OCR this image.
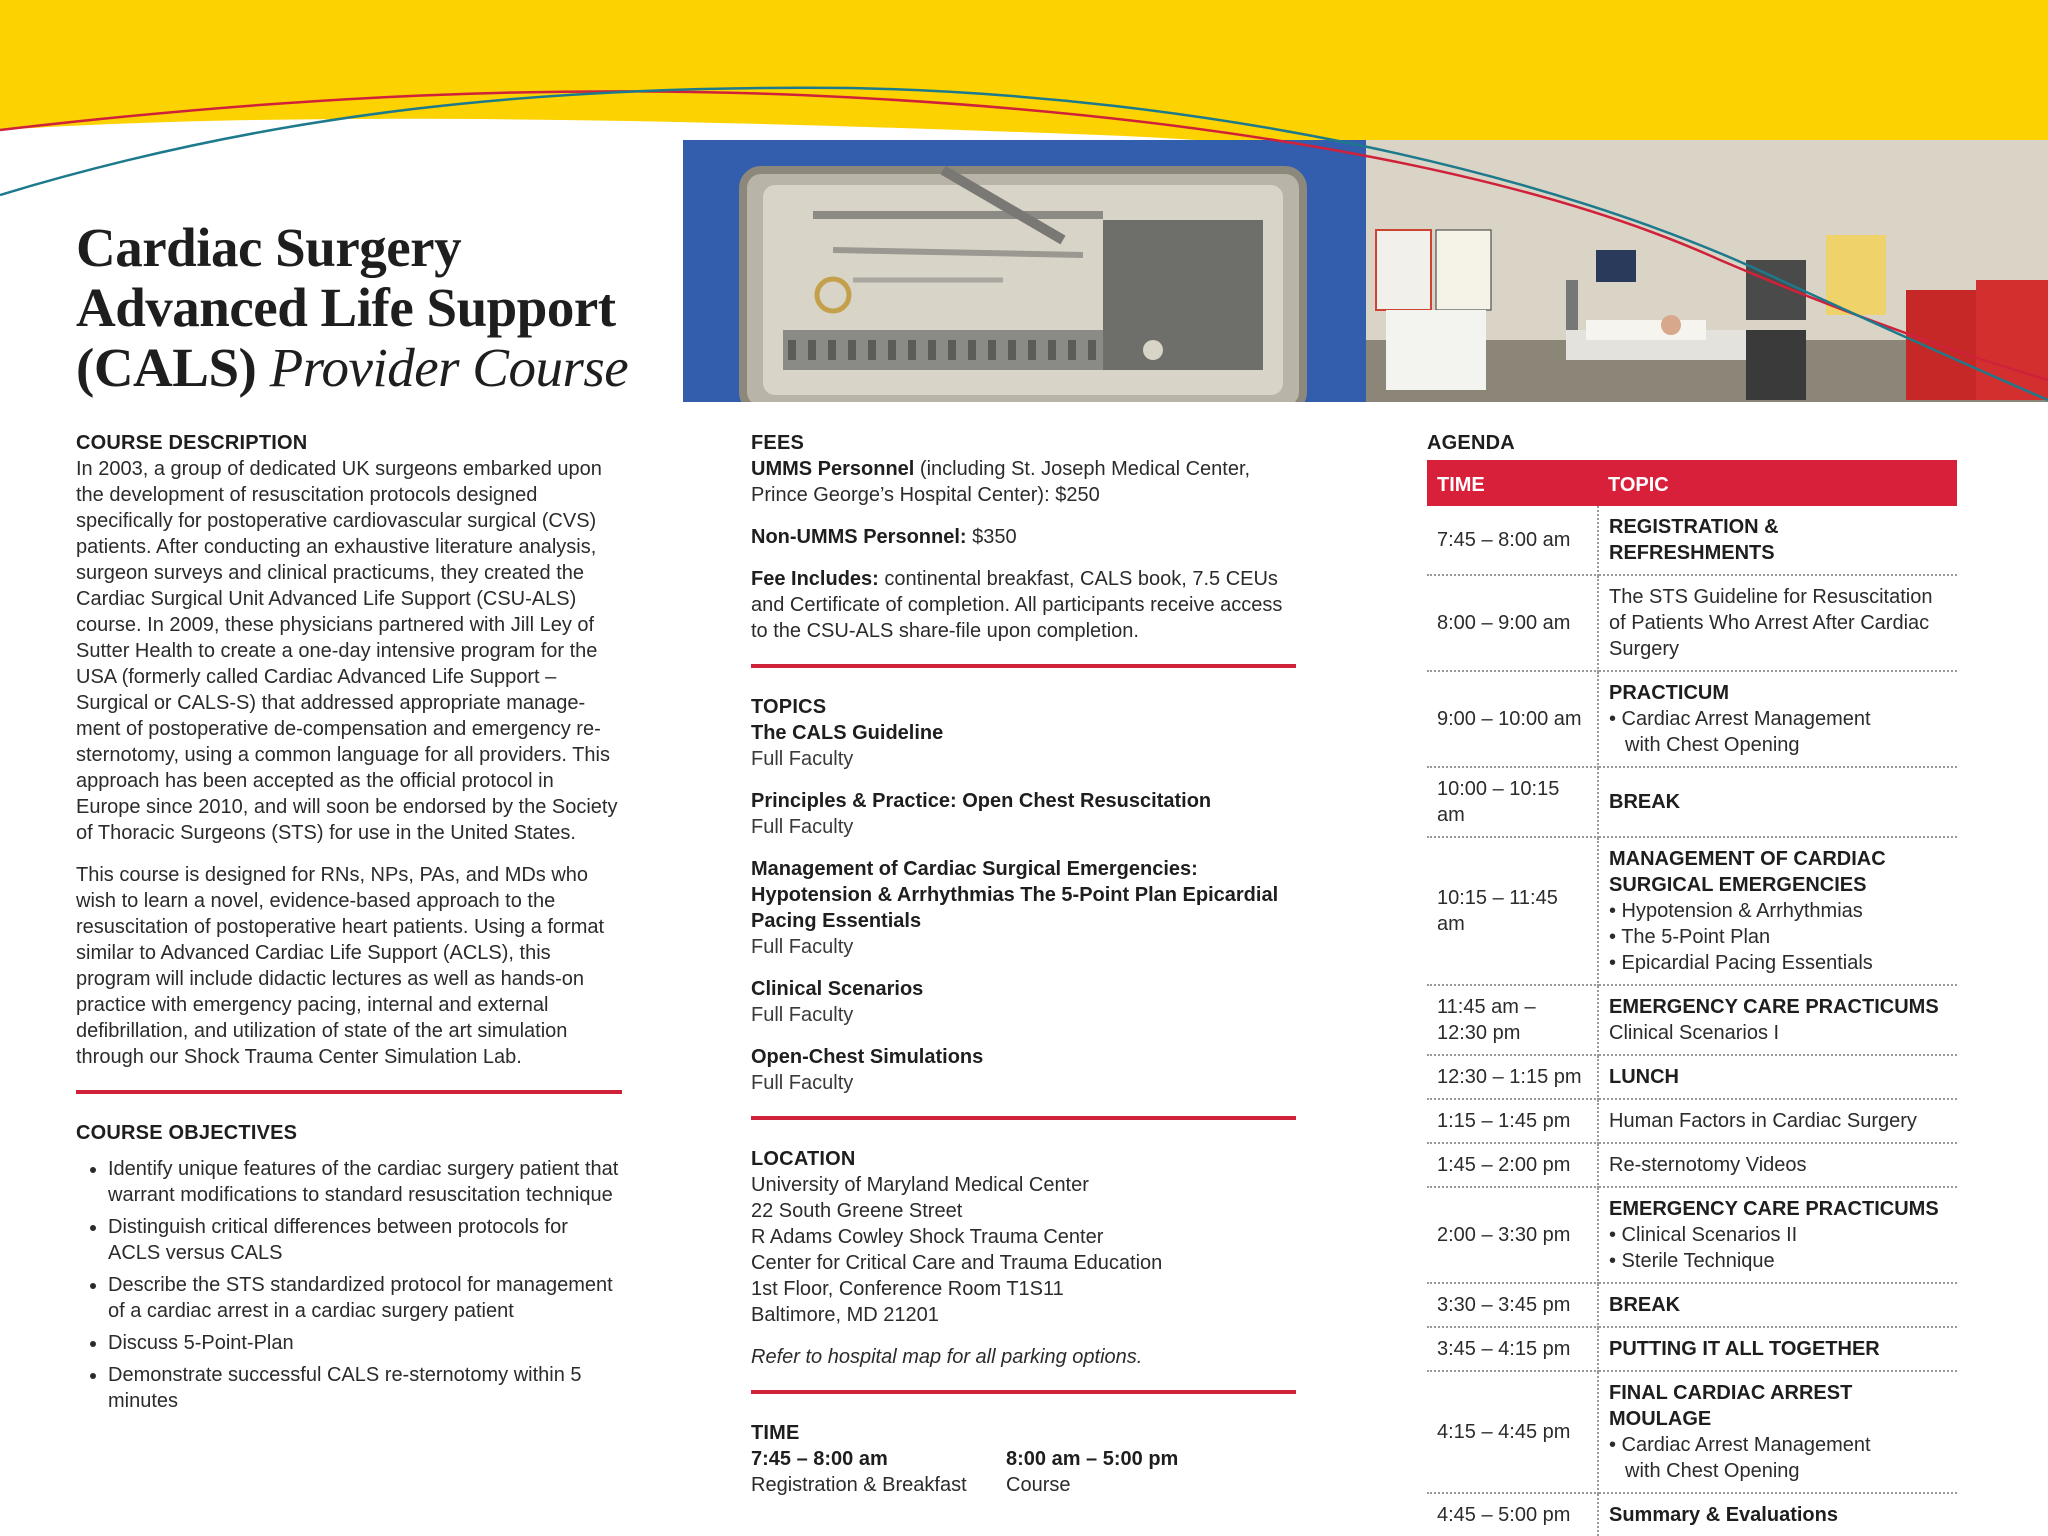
Cardiac Surgery
Advanced Life Support
(CALS) Provider Course
COURSE DESCRIPTION

In 2003, a group of dedicated UK surgeons embarked upon the development of resuscitation protocols designed specifically for postoperative cardiovascular surgical (CVS) patients. After conducting an exhaustive literature analysis, surgeon surveys and clinical practicums, they created the Cardiac Surgical Unit Advanced Life Support (CSU-ALS) course. In 2009, these physicians partnered with Jill Ley of Sutter Health to create a one-day intensive program for the USA (formerly called Cardiac Advanced Life Support – Surgical or CALS-S) that addressed appropriate manage-ment of postoperative de-compensation and emergency re-sternotomy, using a common language for all providers. This approach has been accepted as the official protocol in Europe since 2010, and will soon be endorsed by the Society of Thoracic Surgeons (STS) for use in the United States.

This course is designed for RNs, NPs, PAs, and MDs who wish to learn a novel, evidence-based approach to the resuscitation of postoperative heart patients. Using a format similar to Advanced Cardiac Life Support (ACLS), this program will include didactic lectures as well as hands-on practice with emergency pacing, internal and external defibrillation, and utilization of state of the art simulation through our Shock Trauma Center Simulation Lab.

COURSE OBJECTIVES
• Identify unique features of the cardiac surgery patient that warrant modifications to standard resuscitation technique
• Distinguish critical differences between protocols for ACLS versus CALS
• Describe the STS standardized protocol for management of a cardiac arrest in a cardiac surgery patient
• Discuss 5-Point-Plan
• Demonstrate successful CALS re-sternotomy within 5 minutes
FEES

UMMS Personnel (including St. Joseph Medical Center, Prince George’s Hospital Center): $250

Non-UMMS Personnel: $350

Fee Includes: continental breakfast, CALS book, 7.5 CEUs and Certificate of completion. All participants receive access to the CSU-ALS share-file upon completion.

TOPICS
The CALS Guideline
Full Faculty
Principles & Practice: Open Chest Resuscitation
Full Faculty
Management of Cardiac Surgical Emergencies: Hypotension & Arrhythmias The 5-Point Plan Epicardial Pacing Essentials
Full Faculty
Clinical Scenarios
Full Faculty
Open-Chest Simulations
Full Faculty
LOCATION
University of Maryland Medical Center
22 South Greene Street
R Adams Cowley Shock Trauma Center
Center for Critical Care and Trauma Education
1st Floor, Conference Room T1S11
Baltimore, MD 21201

Refer to hospital map for all parking options.

TIME
7:45 – 8:00 am
Registration & Breakfast
8:00 am – 5:00 pm
Course
AGENDA
TIME	TOPIC
7:45 – 8:00 am	REGISTRATION & REFRESHMENTS

8:00 – 9:00 am	The STS Guideline for Resuscitation of Patients Who Arrest After Cardiac Surgery

9:00 – 10:00 am	PRACTICUM
• Cardiac Arrest Management
with Chest Opening

10:00 – 10:15 am	BREAK

10:15 – 11:45 am	MANAGEMENT OF CARDIAC SURGICAL EMERGENCIES
• Hypotension & Arrhythmias
• The 5-Point Plan
• Epicardial Pacing Essentials

11:45 am – 12:30 pm	EMERGENCY CARE PRACTICUMS
Clinical Scenarios I

12:30 – 1:15 pm	LUNCH

1:15 – 1:45 pm	Human Factors in Cardiac Surgery

1:45 – 2:00 pm	Re-sternotomy Videos

2:00 – 3:30 pm	EMERGENCY CARE PRACTICUMS
• Clinical Scenarios II
• Sterile Technique

3:30 – 3:45 pm	BREAK

3:45 – 4:15 pm	PUTTING IT ALL TOGETHER

4:15 – 4:45 pm	FINAL CARDIAC ARREST MOULAGE
• Cardiac Arrest Management
with Chest Opening

4:45 – 5:00 pm	Summary & Evaluations
